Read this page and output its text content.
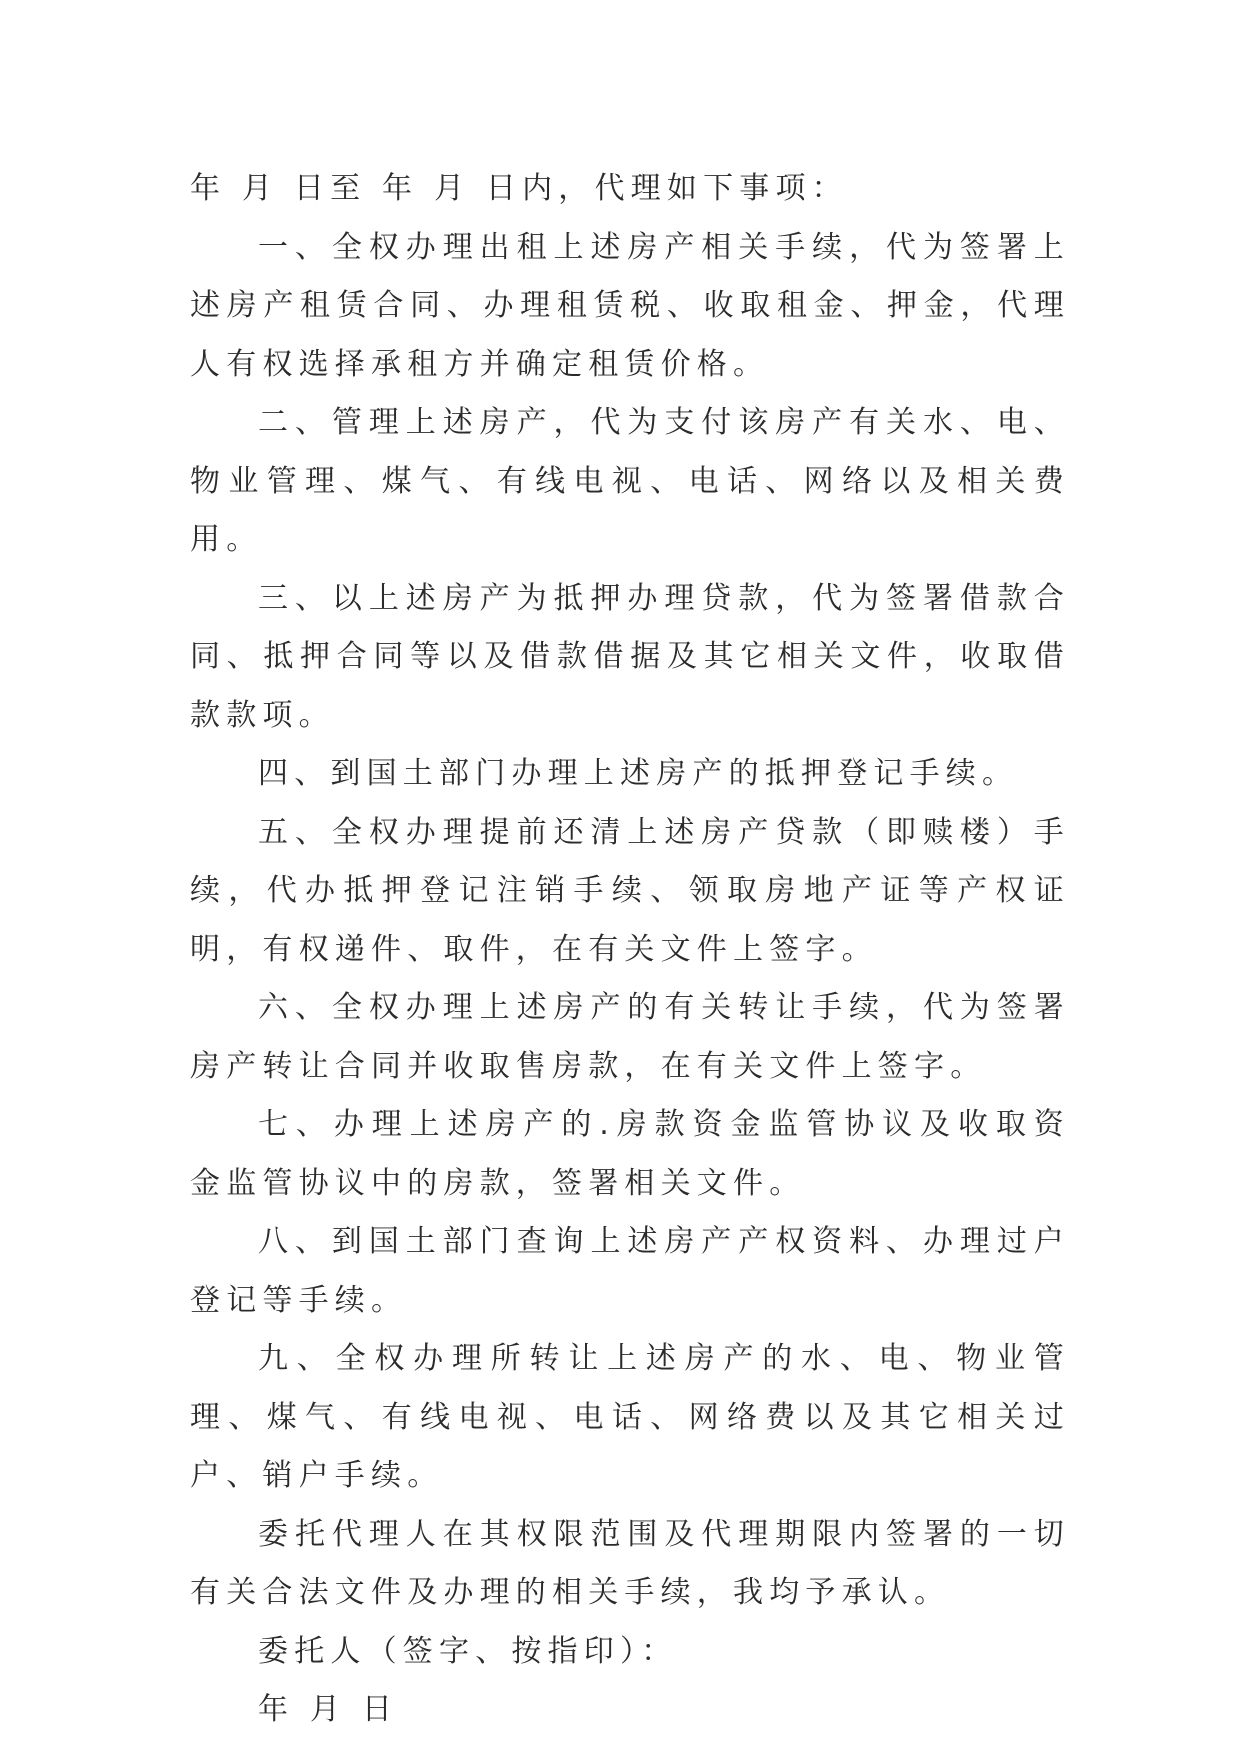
年 月 日至 年 月 日内，代理如下事项：

一、全权办理出租上述房产相关手续，代为签署上述房产租赁合同、办理租赁税、收取租金、押金，代理人有权选择承租方并确定租赁价格。

二、管理上述房产，代为支付该房产有关水、电、物业管理、煤气、有线电视、电话、网络以及相关费用。

三、以上述房产为抵押办理贷款，代为签署借款合同、抵押合同等以及借款借据及其它相关文件，收取借款款项。

四、到国土部门办理上述房产的抵押登记手续。

五、全权办理提前还清上述房产贷款（即赎楼）手续，代办抵押登记注销手续、领取房地产证等产权证明，有权递件、取件，在有关文件上签字。

六、全权办理上述房产的有关转让手续，代为签署房产转让合同并收取售房款，在有关文件上签字。

七、办理上述房产的.房款资金监管协议及收取资金监管协议中的房款，签署相关文件。

八、到国土部门查询上述房产产权资料、办理过户登记等手续。

九、全权办理所转让上述房产的水、电、物业管理、煤气、有线电视、电话、网络费以及其它相关过户、销户手续。

委托代理人在其权限范围及代理期限内签署的一切有关合法文件及办理的相关手续，我均予承认。

委托人（签字、按指印）：

年 月 日
